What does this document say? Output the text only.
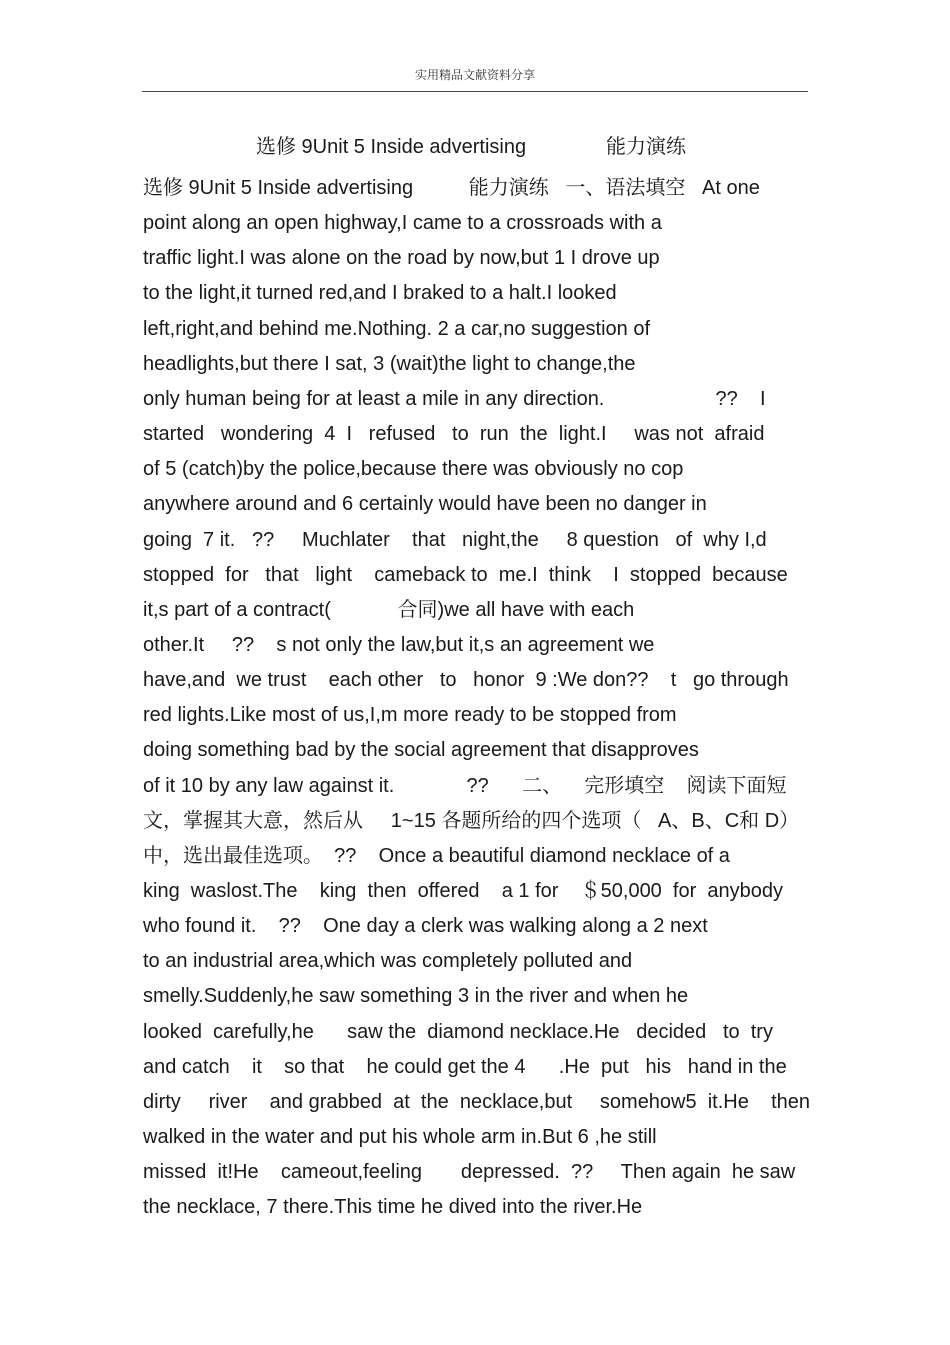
实用精品文献资料分享
选修 9Unit 5 Inside advertising	能力演练
选修 9Unit 5 Inside advertising          能力演练   一、语法填空   At one
point along an open highway,I came to a crossroads with a
traffic light.I was alone on the road by now,but 1 I drove up
to the light,it turned red,and I braked to a halt.I looked
left,right,and behind me.Nothing. 2 a car,no suggestion of
headlights,but there I sat, 3 (wait)the light to change,the
only human being for at least a mile in any direction.                    ??    I
started   wondering  4  I   refused   to  run  the  light.I     was not  afraid
of 5 (catch)by the police,because there was obviously no cop
anywhere around and 6 certainly would have been no danger in
going  7 it.   ??     Muchlater    that   night,the     8 question   of  why I,d
stopped  for   that   light    cameback to  me.I  think    I  stopped  because
it,s part of a contract(            合同)we all have with each
other.It     ??    s not only the law,but it,s an agreement we
have,and  we trust    each other   to   honor  9 :We don??    t   go through
red lights.Like most of us,I,m more ready to be stopped from
doing something bad by the social agreement that disapproves
of it 10 by any law against it.             ??      二、    完形填空    阅读下面短
文，掌握其大意，然后从     1~15 各题所给的四个选项（   A、B、C和 D）
中，选出最佳选项。  ??    Once a beautiful diamond necklace of a
king  waslost.The    king  then  offered    a 1 for    ＄50,000  for  anybody
who found it.    ??    One day a clerk was walking along a 2 next
to an industrial area,which was completely polluted and
smelly.Suddenly,he saw something 3 in the river and when he
looked  carefully,he      saw the  diamond necklace.He   decided   to  try
and catch    it    so that    he could get the 4      .He  put   his   hand in the
dirty     river    and grabbed  at  the  necklace,but     somehow5  it.He    then
walked in the water and put his whole arm in.But 6 ,he still
missed  it!He    cameout,feeling       depressed.  ??     Then again  he saw
the necklace, 7 there.This time he dived into the river.He
